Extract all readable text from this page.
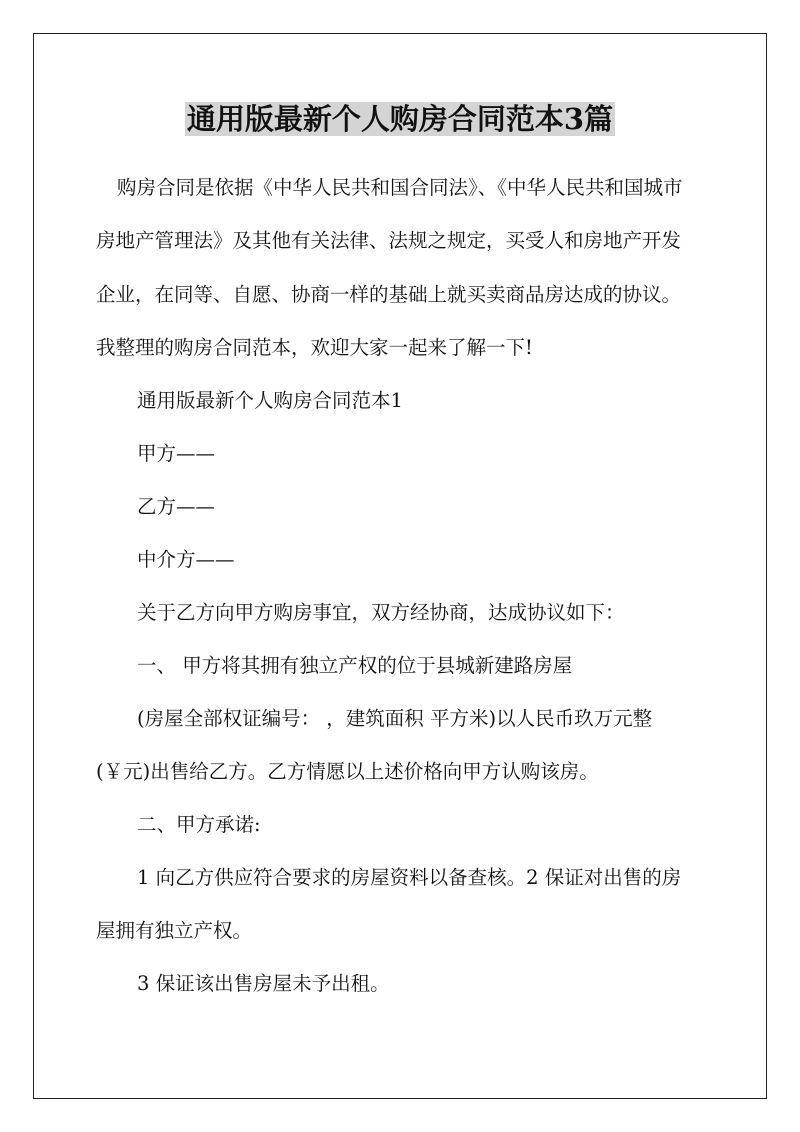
通用版最新个人购房合同范本3篇
购房合同是依据《中华人民共和国合同法》、《中华人民共和国城市
房地产管理法》及其他有关法律、法规之规定，买受人和房地产开发
企业，在同等、自愿、协商一样的基础上就买卖商品房达成的协议。
我整理的购房合同范本，欢迎大家一起来了解一下!
通用版最新个人购房合同范本1
甲方——
乙方——
中介方——
关于乙方向甲方购房事宜，双方经协商，达成协议如下：
一、 甲方将其拥有独立产权的位于县城新建路房屋
(房屋全部权证编号： ，建筑面积 平方米)以人民币玖万元整
(￥元)出售给乙方。乙方情愿以上述价格向甲方认购该房。
二、甲方承诺:
1 向乙方供应符合要求的房屋资料以备查核。2 保证对出售的房
屋拥有独立产权。
3 保证该出售房屋未予出租。
